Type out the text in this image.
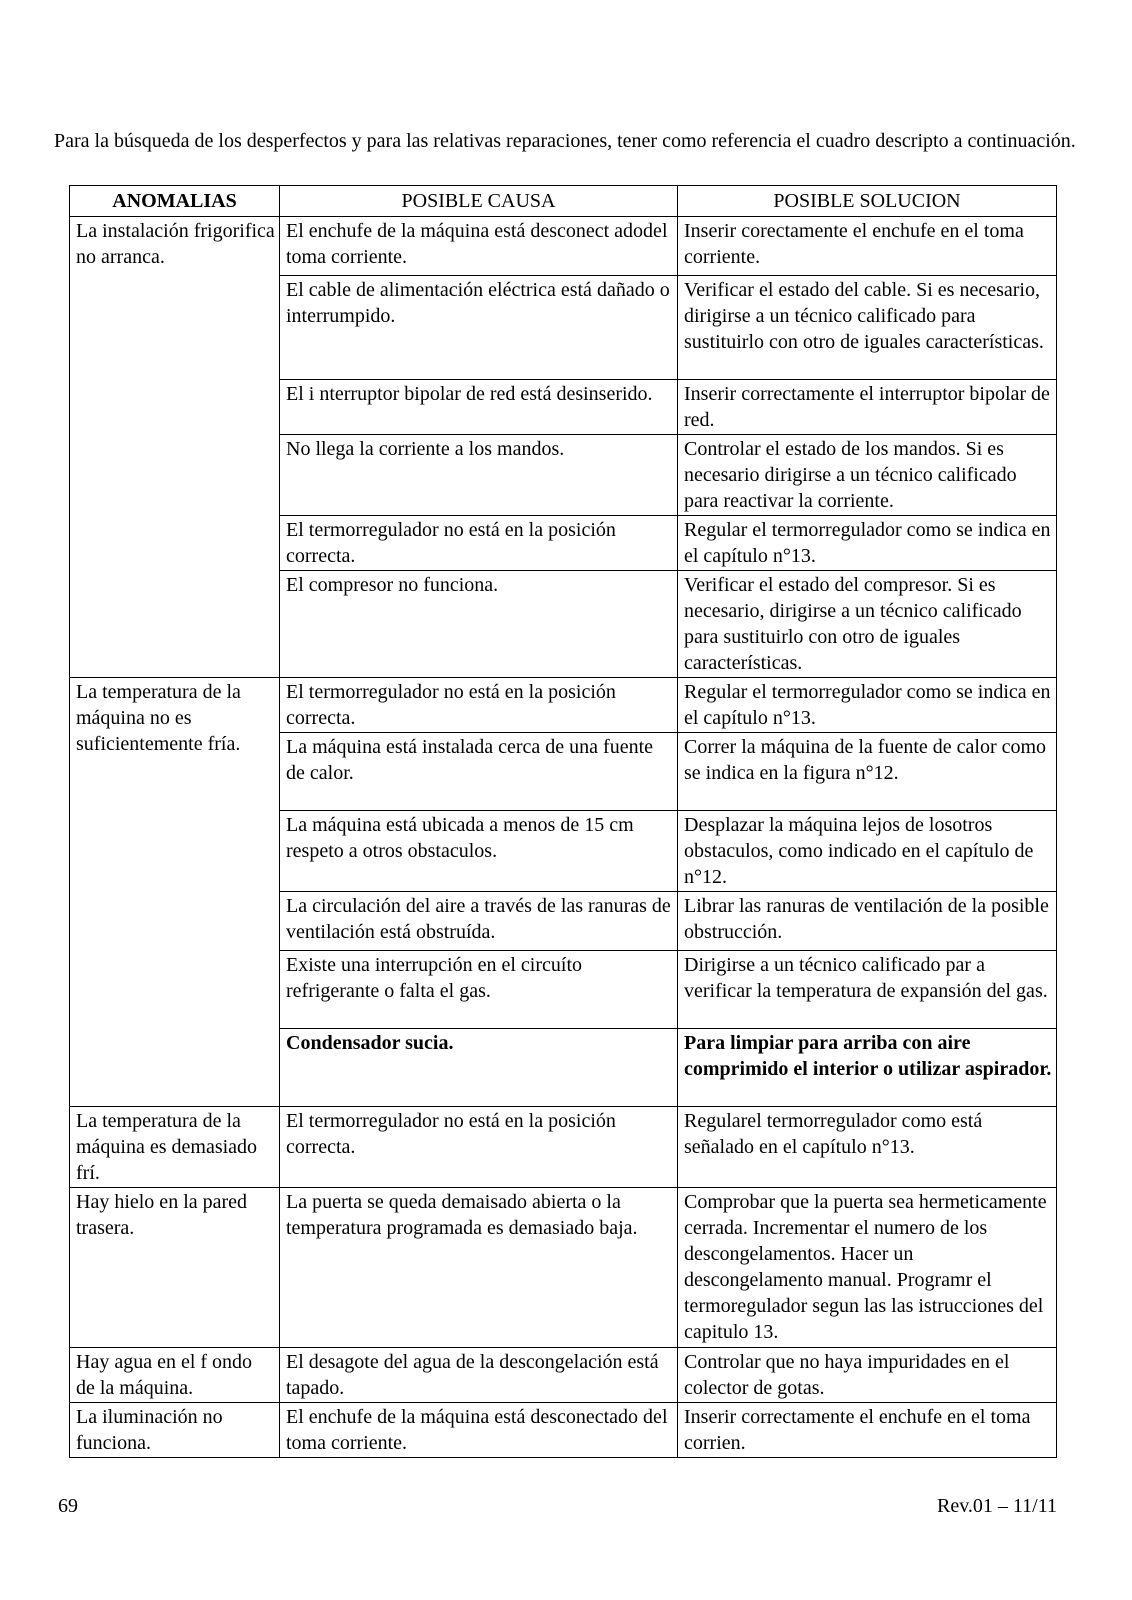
Para la búsqueda de los desperfectos y para las relativas reparaciones, tener como referencia el cuadro descripto a continuación.

ANOMALIAS	POSIBLE CAUSA	POSIBLE SOLUCION
La instalación frigorifica no arranca.	El enchufe de la máquina está desconect adodel toma corriente.	Inserir corectamente el enchufe en el toma corriente.
	El cable de alimentación eléctrica está dañado o interrumpido.	Verificar el estado del cable. Si es necesario, dirigirse a un técnico calificado para sustituirlo con otro de iguales características.
	El i nterruptor bipolar de red está desinserido.	Inserir correctamente el interruptor bipolar de red.
	No llega la corriente a los mandos.	Controlar el estado de los mandos. Si es necesario dirigirse a un técnico calificado para reactivar la corriente.
	El termorregulador no está en la posición correcta.	Regular el termorregulador como se indica en el capítulo n°13.
	El compresor no funciona.	Verificar el estado del compresor. Si es necesario, dirigirse a un técnico calificado para sustituirlo con otro de iguales características.
La temperatura de la máquina no es suficientemente fría.	El termorregulador no está en la posición correcta.	Regular el termorregulador como se indica en el capítulo n°13.
	La máquina está instalada cerca de una fuente de calor.	Correr la máquina de la fuente de calor como se indica en la figura n°12.
	La máquina está ubicada a menos de 15 cm respeto a otros obstaculos.	Desplazar la máquina lejos de losotros obstaculos, como indicado en el capítulo de n°12.
	La circulación del aire a través de las ranuras de ventilación está obstruída.	Librar las ranuras de ventilación de la posible obstrucción.
	Existe una interrupción en el circuíto refrigerante o falta el gas.	Dirigirse a un técnico calificado par a verificar la temperatura de expansión del gas.
	Condensador sucia.	Para limpiar para arriba con aire comprimido el interior o utilizar aspirador.
La temperatura de la máquina es demasiado frí.	El termorregulador no está en la posición correcta.	Regularel termorregulador como está señalado en el capítulo n°13.
Hay hielo en la pared trasera.	La puerta se queda demaisado abierta o la temperatura programada es demasiado baja.	Comprobar que la puerta sea hermeticamente cerrada. Incrementar el numero de los descongelamentos. Hacer un descongelamento manual. Programr el termoregulador segun las las istrucciones del capitulo 13.
Hay agua en el f ondo de la máquina.	El desagote del agua de la descongelación está tapado.	Controlar que no haya impuridades en el colector de gotas.
La iluminación no funciona.	El enchufe de la máquina está desconectado del toma corriente.	Inserir correctamente el enchufe en el toma corrien.
69	Rev.01 – 11/11
